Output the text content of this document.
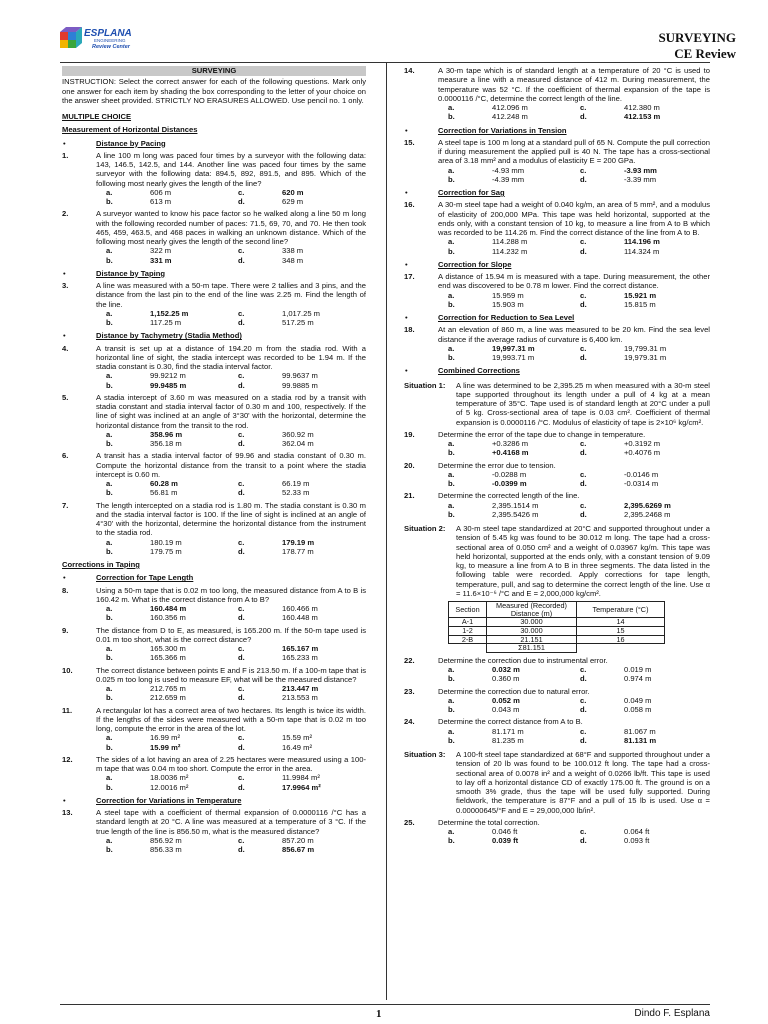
ESPLANA
ENGINEERING
Review Center
SURVEYING
CE Review
SURVEYING
INSTRUCTION: Select the correct answer for each of the following questions. Mark only one answer for each item by shading the box corresponding to the letter of your choice on the answer sheet provided. STRICTLY NO ERASURES ALLOWED. Use pencil no. 1 only.
MULTIPLE CHOICE
Measurement of Horizontal Distances
•	Distance by Pacing
1.	A line 100 m long was paced four times by a surveyor with the following data: 143, 146.5, 142.5, and 144. Another line was paced four times by the same surveyor with the following data: 894.5, 892, 891.5, and 895. Which of the following most nearly gives the length of the line?
a.	606 m	c.	620 m
b.	613 m	d.	629 m
2.	A surveyor wanted to know his pace factor so he walked along a line 50 m long with the following recorded number of paces: 71.5, 69, 70, and 70. He then took 465, 459, 463.5, and 468 paces in walking an unknown distance. Which of the following most nearly gives the length of the second line?
a.	322 m	c.	338 m
b.	331 m	d.	348 m
•	Distance by Taping
3.	A line was measured with a 50-m tape. There were 2 tallies and 3 pins, and the distance from the last pin to the end of the line was 2.25 m. Find the length of the line.
a.	1,152.25 m	c.	1,017.25 m
b.	117.25 m	d.	517.25 m
•	Distance by Tachymetry (Stadia Method)
4.	A transit is set up at a distance of 194.20 m from the stadia rod. With a horizontal line of sight, the stadia intercept was recorded to be 1.94 m. If the stadia constant is 0.30, find the stadia interval factor.
a.	99.9212 m	c.	99.9637 m
b.	99.9485 m	d.	99.9885 m
5.	A stadia intercept of 3.60 m was measured on a stadia rod by a transit with stadia constant and stadia interval factor of 0.30 m and 100, respectively. If the line of sight was inclined at an angle of 3°30' with the horizontal, determine the horizontal distance from the transit to the rod.
a.	358.96 m	c.	360.92 m
b.	356.18 m	d.	362.04 m
6.	A transit has a stadia interval factor of 99.96 and stadia constant of 0.30 m. Compute the horizontal distance from the transit to a point where the stadia intercept is 0.60 m.
a.	60.28 m	c.	66.19 m
b.	56.81 m	d.	52.33 m
7.	The length intercepted on a stadia rod is 1.80 m. The stadia constant is 0.30 m and the stadia interval factor is 100. If the line of sight is inclined at an angle of 4°30' with the horizontal, determine the horizontal distance from the instrument to the stadia rod.
a.	180.19 m	c.	179.19 m
b.	179.75 m	d.	178.77 m
Corrections in Taping
•	Correction for Tape Length
8.	Using a 50-m tape that is 0.02 m too long, the measured distance from A to B is 160.42 m. What is the correct distance from A to B?
a.	160.484 m	c.	160.466 m
b.	160.356 m	d.	160.448 m
9.	The distance from D to E, as measured, is 165.200 m. If the 50-m tape used is 0.01 m too short, what is the correct distance?
a.	165.300 m	c.	165.167 m
b.	165.366 m	d.	165.233 m
10.	The correct distance between points E and F is 213.50 m. If a 100-m tape that is 0.025 m too long is used to measure EF, what will be the measured distance?
a.	212.765 m	c.	213.447 m
b.	212.659 m	d.	213.553 m
11.	A rectangular lot has a correct area of two hectares. Its length is twice its width. If the lengths of the sides were measured with a 50-m tape that is 0.02 m too long, compute the error in the area of the lot.
a.	16.99 m²	c.	15.59 m²
b.	15.99 m²	d.	16.49 m²
12.	The sides of a lot having an area of 2.25 hectares were measured using a 100-m tape that was 0.04 m too short. Compute the error in the area.
a.	18.0036 m²	c.	11.9984 m²
b.	12.0016 m²	d.	17.9964 m²
•	Correction for Variations in Temperature
13.	A steel tape with a coefficient of thermal expansion of 0.0000116 /°C has a standard length at 20 °C. A line was measured at a temperature of 3 °C. If the true length of the line is 856.50 m, what is the measured distance?
a.	856.92 m	c.	857.20 m
b.	856.33 m	d.	856.67 m
14.	A 30-m tape which is of standard length at a temperature of 20 °C is used to measure a line with a measured distance of 412 m. During measurement, the temperature was 52 °C. If the coefficient of thermal expansion of the tape is 0.0000116 /°C, determine the correct length of the line.
a.	412.096 m	c.	412.380 m
b.	412.248 m	d.	412.153 m
•	Correction for Variations in Tension
15.	A steel tape is 100 m long at a standard pull of 65 N. Compute the pull correction if during measurement the applied pull is 40 N. The tape has a cross-sectional area of 3.18 mm² and a modulus of elasticity E = 200 GPa.
a.	-4.93 mm	c.	-3.93 mm
b.	-4.39 mm	d.	-3.39 mm
•	Correction for Sag
16.	A 30-m steel tape had a weight of 0.040 kg/m, an area of 5 mm², and a modulus of elasticity of 200,000 MPa. This tape was held horizontal, supported at the ends only, with a constant tension of 10 kg, to measure a line from A to B which was recorded to be 114.26 m. Find the correct distance of the line from A to B.
a.	114.288 m	c.	114.196 m
b.	114.232 m	d.	114.324 m
•	Correction for Slope
17.	A distance of 15.94 m is measured with a tape. During measurement, the other end was discovered to be 0.78 m lower. Find the correct distance.
a.	15.959 m	c.	15.921 m
b.	15.903 m	d.	15.815 m
•	Correction for Reduction to Sea Level
18.	At an elevation of 860 m, a line was measured to be 20 km. Find the sea level distance if the average radius of curvature is 6,400 km.
a.	19,997.31 m	c.	19,799.31 m
b.	19,993.71 m	d.	19,979.31 m
•	Combined Corrections
Situation 1:	A line was determined to be 2,395.25 m when measured with a 30-m steel tape supported throughout its length under a pull of 4 kg at a mean temperature of 35°C. Tape used is of standard length at 20°C under a pull of 5 kg. Cross-sectional area of tape is 0.03 cm². Coefficient of thermal expansion is 0.0000116 /°C. Modulus of elasticity of tape is 2×10⁶ kg/cm².
19.	Determine the error of the tape due to change in temperature.
a.	+0.3286 m	c.	+0.3192 m
b.	+0.4168 m	d.	+0.4076 m
20.	Determine the error due to tension.
a.	-0.0288 m	c.	-0.0146 m
b.	-0.0399 m	d.	-0.0314 m
21.	Determine the corrected length of the line.
a.	2,395.1514 m	c.	2,395.6269 m
b.	2,395.5426 m	d.	2,395.2468 m
Situation 2:	A 30-m steel tape standardized at 20°C and supported throughout under a tension of 5.45 kg was found to be 30.012 m long. The tape had a cross-sectional area of 0.050 cm² and a weight of 0.03967 kg/m. This tape was held horizontal, supported at the ends only, with a constant tension of 9.09 kg, to measure a line from A to B in three segments. The data listed in the following table were recorded. Apply corrections for tape length, temperature, pull, and sag to determine the correct length of the line. Use α = 11.6×10⁻⁶ /°C and E = 2,000,000 kg/cm².
Section	Measured (Recorded) Distance (m)	Temperature (°C)
A-1	30.000	14
1-2	30.000	15
2-B	21.151	16
	Σ81.151	
22.	Determine the correction due to instrumental error.
a.	0.032 m	c.	0.019 m
b.	0.360 m	d.	0.974 m
23.	Determine the correction due to natural error.
a.	0.052 m	c.	0.049 m
b.	0.043 m	d.	0.058 m
24.	Determine the correct distance from A to B.
a.	81.171 m	c.	81.067 m
b.	81.235 m	d.	81.131 m
Situation 3:	A 100-ft steel tape standardized at 68°F and supported throughout under a tension of 20 lb was found to be 100.012 ft long. The tape had a cross-sectional area of 0.0078 in² and a weight of 0.0266 lb/ft. This tape is used to lay off a horizontal distance CD of exactly 175.00 ft. The ground is on a smooth 3% grade, thus the tape will be used fully supported. During fieldwork, the temperature is 87°F and a pull of 15 lb is used. Use α = 0.00000645/°F and E = 29,000,000 lb/in².
25.	Determine the total correction.
a.	0.046 ft	c.	0.064 ft
b.	0.039 ft	d.	0.093 ft
1	Dindo F. Esplana
